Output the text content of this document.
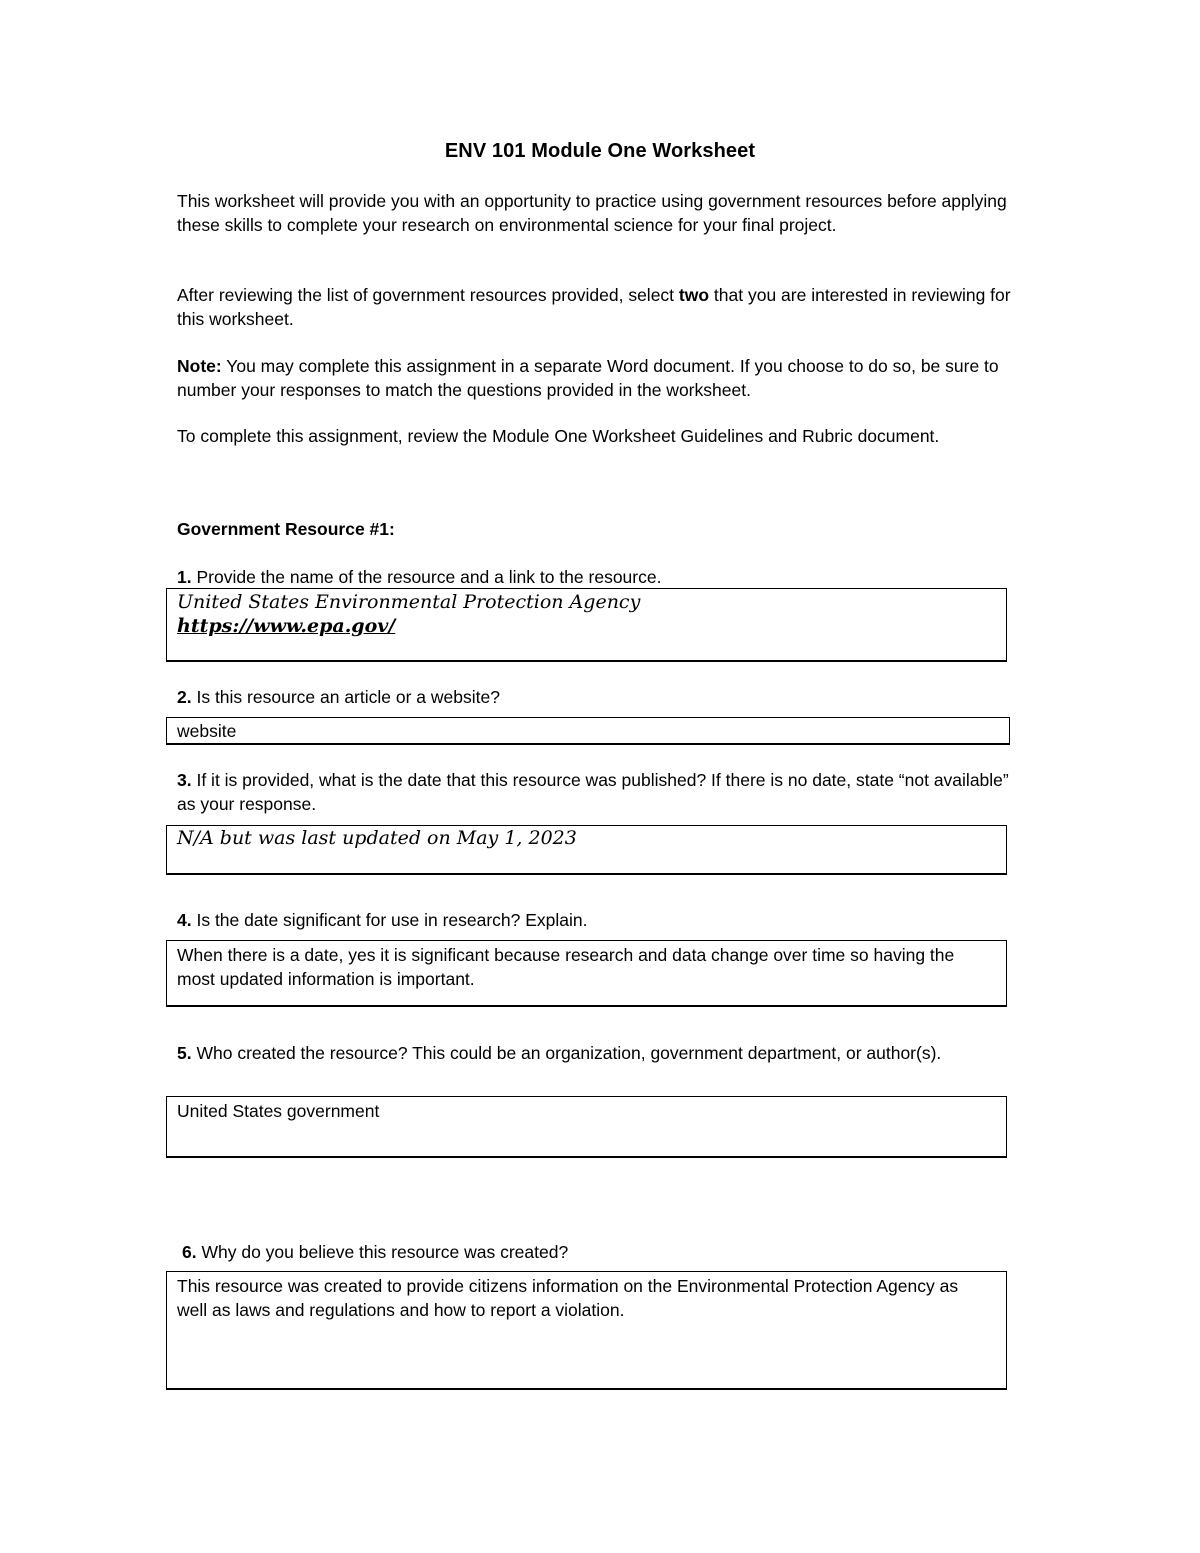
ENV 101 Module One Worksheet
This worksheet will provide you with an opportunity to practice using government resources before applying these skills to complete your research on environmental science for your final project.
After reviewing the list of government resources provided, select two that you are interested in reviewing for this worksheet.
Note: You may complete this assignment in a separate Word document. If you choose to do so, be sure to number your responses to match the questions provided in the worksheet.
To complete this assignment, review the Module One Worksheet Guidelines and Rubric document.
Government Resource #1:
1. Provide the name of the resource and a link to the resource.
United States Environmental Protection Agency
https://www.epa.gov/
2. Is this resource an article or a website?
website
3. If it is provided, what is the date that this resource was published? If there is no date, state “not available” as your response.
N/A but was last updated on May 1, 2023
4. Is the date significant for use in research? Explain.
When there is a date, yes it is significant because research and data change over time so having the most updated information is important.
5. Who created the resource? This could be an organization, government department, or author(s).
United States government
6. Why do you believe this resource was created?
This resource was created to provide citizens information on the Environmental Protection Agency as well as laws and regulations and how to report a violation.
